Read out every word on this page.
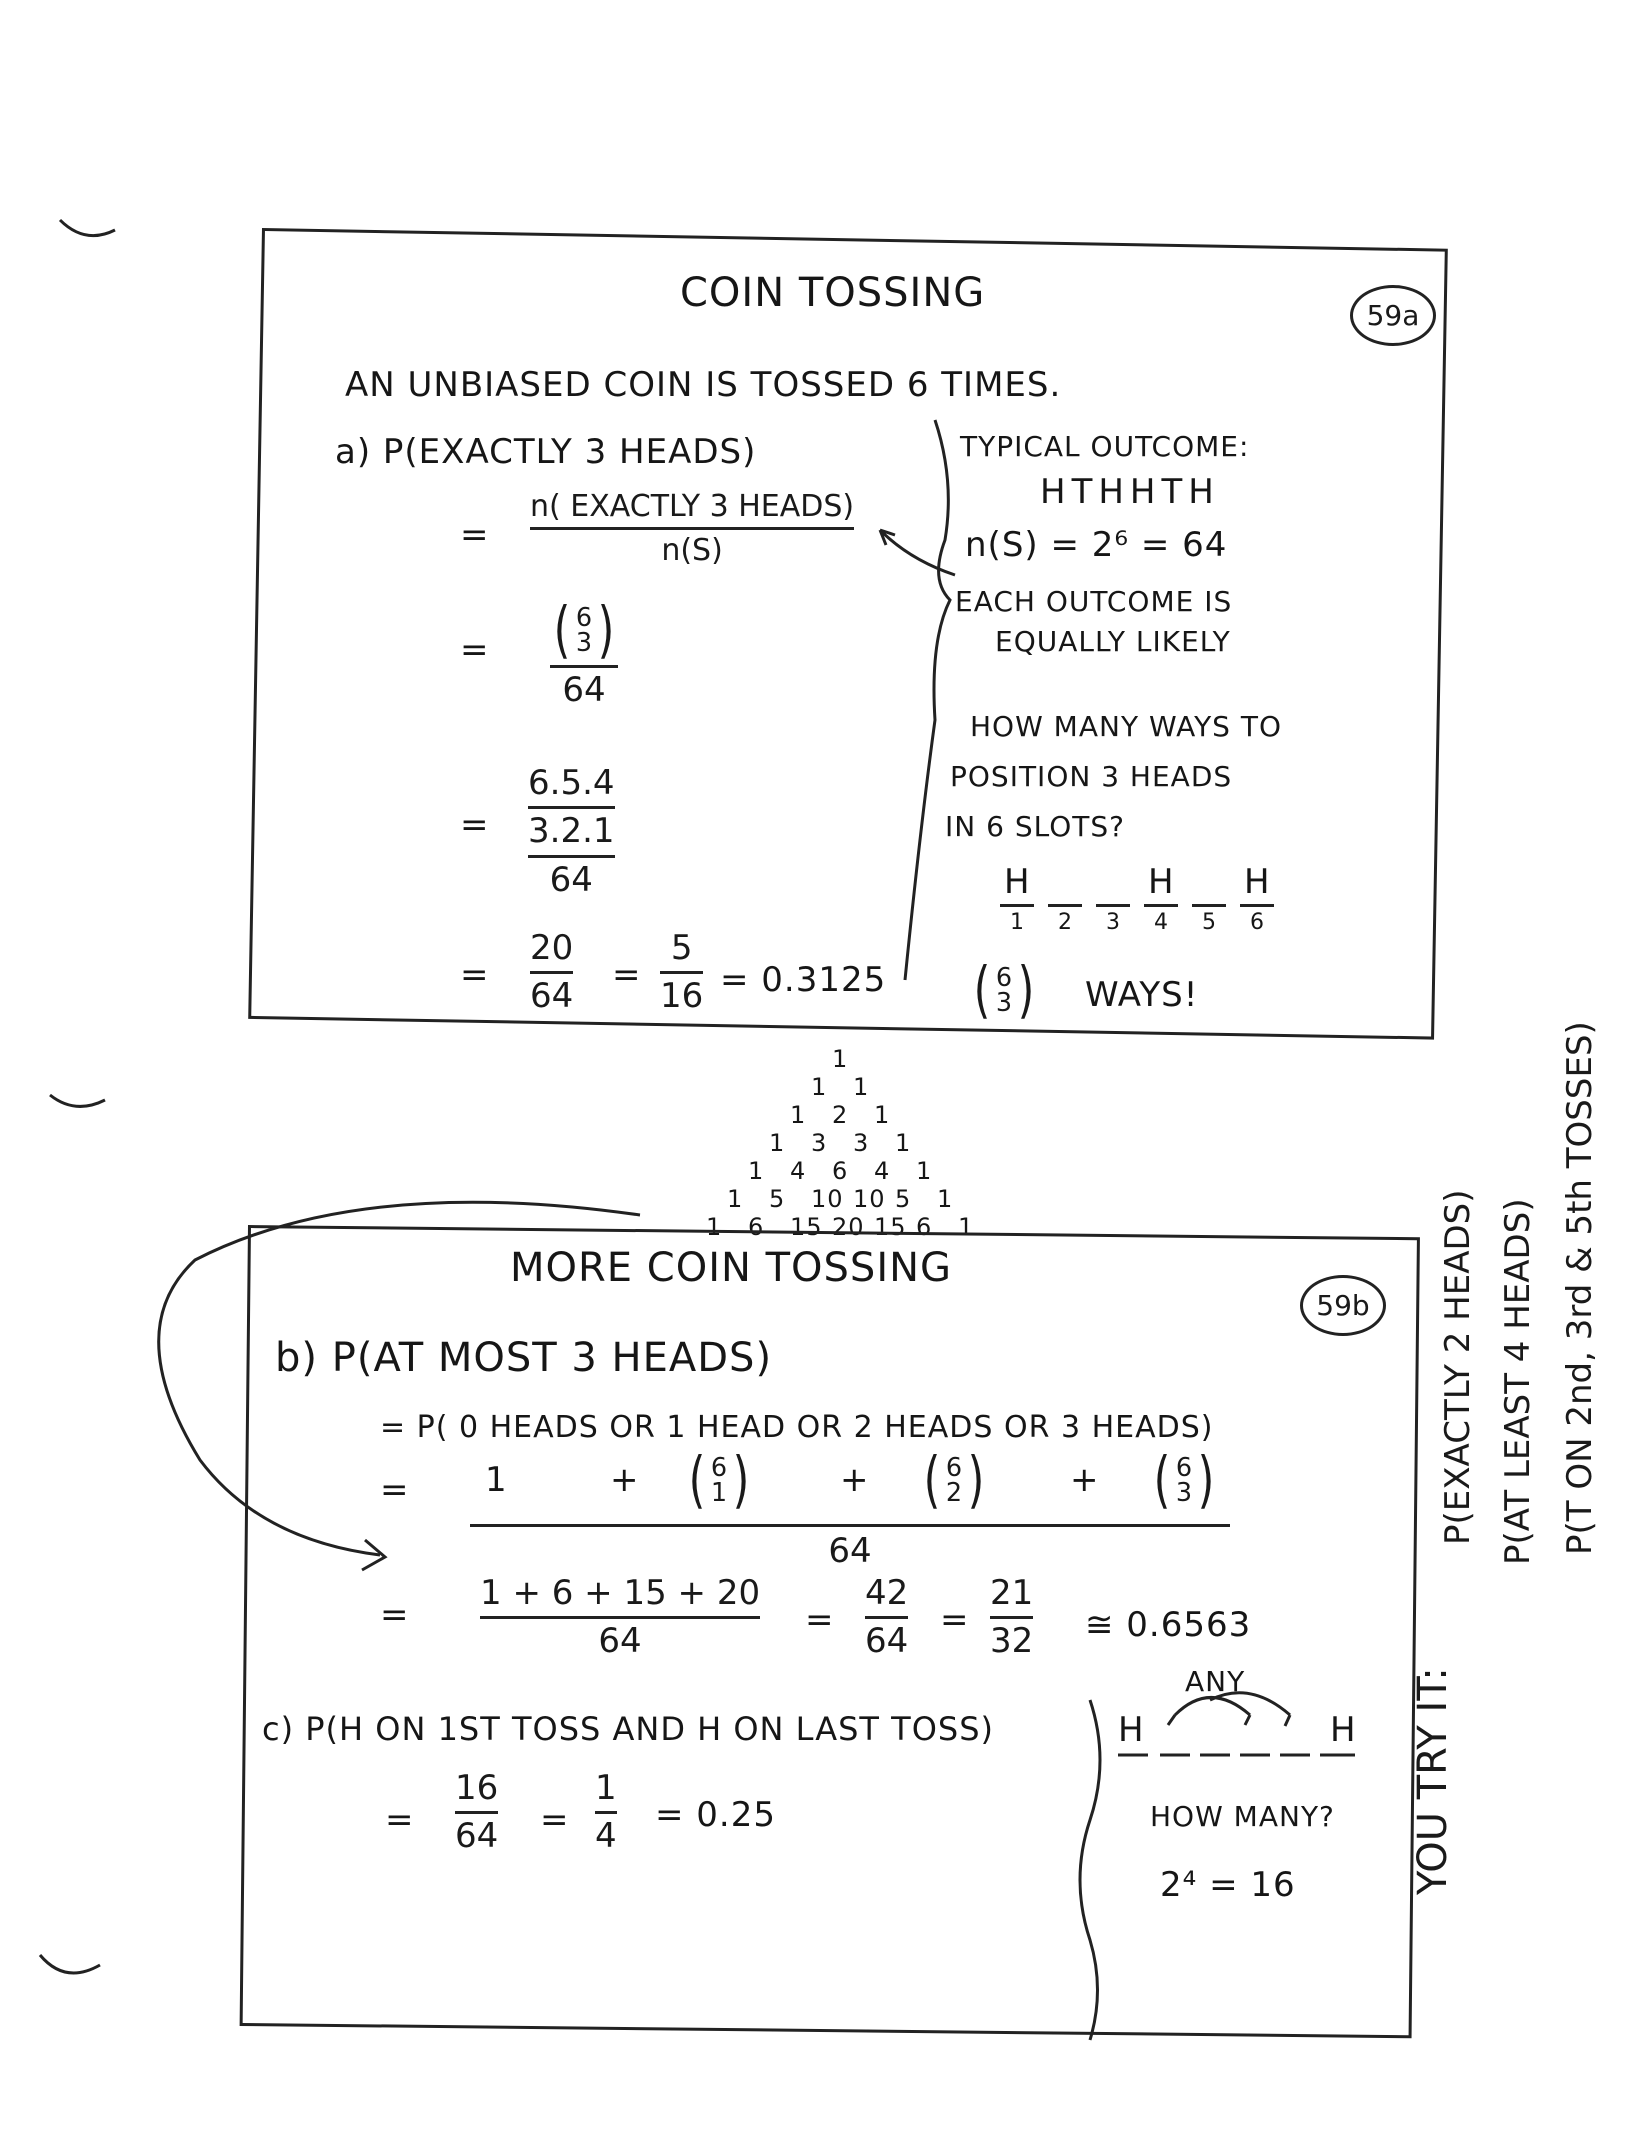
COIN TOSSING	59a
AN UNBIASED COIN IS TOSSED 6 TIMES.
a) P(EXACTLY 3 HEADS)
=
n( EXACTLY 3 HEADS)
n(S)
= ( 6
3 )
64
= $\frac{6.5.4}{3.2.1}$
64
=
20
64
=
5
16 = 0.3125
TYPICAL OUTCOME:
HTHHTH
n(S) = 2⁶ = 64
EACH OUTCOME IS
EQUALLY LIKELY
HOW MANY WAYS TO
POSITION 3 HEADS
IN 6 SLOTS?
H
1 2 3
H
4 5
H
6
( 6
3 ) WAYS!
1
1 1
1 2 1
1 3 3 1
1 4 6 4 1
1 5 10 10 5 1
1 6 15 20 15 6 1
MORE COIN TOSSING
59b
b) P(AT MOST 3 HEADS)
= P( 0 HEADS OR 1 HEAD OR 2 HEADS OR 3 HEADS)
= 1	+ ( 6
1 )	+ ( 6
2 )	+ ( 6
3 )
64
=
1 + 6 + 15 + 20
64
=
42
64
=
21
32 ≅ 0.6563
c) P(H ON 1ST TOSS AND H ON LAST TOSS)
=
16
64 =
1
4
= 0.25
ANY
H	H
HOW MANY?
2⁴ = 16	YOU TRY IT:
P(EXACTLY 2 HEADS) P(AT LEAST 4 HEADS) P(T ON 2nd, 3rd & 5th TOSSES)
